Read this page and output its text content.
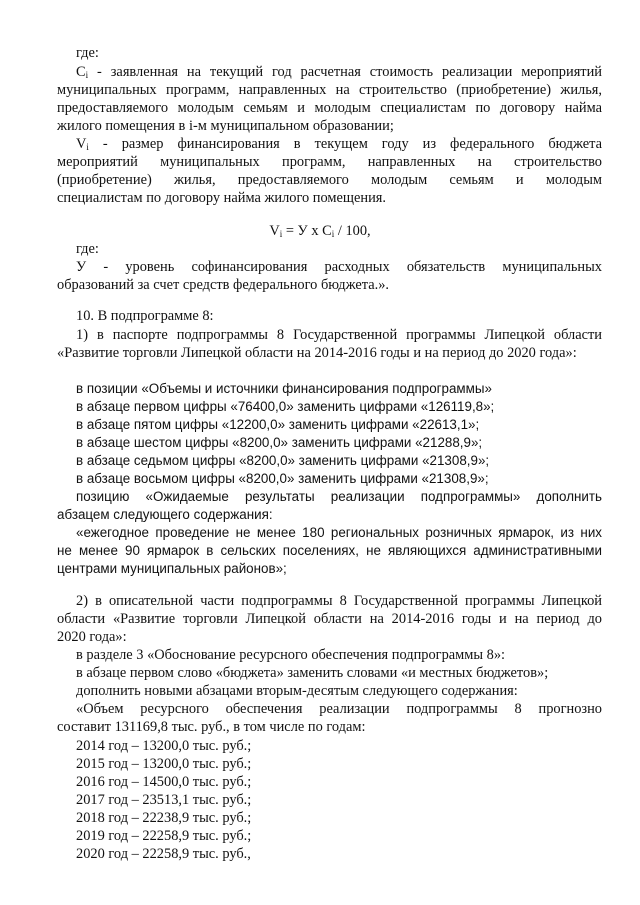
где:
$C_i$ - заявленная на текущий год расчетная стоимость реализации мероприятий
муниципальных программ, направленных на строительство (приобретение) жилья,
предоставляемого молодым семьям и молодым специалистам по договору найма
жилого помещения в i-м муниципальном образовании;
$V_i$ - размер финансирования в текущем году из федерального бюджета
мероприятий муниципальных программ, направленных на строительство
(приобретение) жилья, предоставляемого молодым семьям и молодым
специалистам по договору найма жилого помещения.
$V_i = У$ х $C_i / 100$,
где:
У - уровень софинансирования расходных обязательств муниципальных
образований за счет средств федерального бюджета.».
10. В подпрограмме 8:
1) в паспорте подпрограммы 8 Государственной программы Липецкой области
«Развитие торговли Липецкой области на 2014-2016 годы и на период до 2020 года»:
в позиции «Объемы и источники финансирования подпрограммы»
в абзаце первом цифры «76400,0» заменить цифрами «126119,8»;
в абзаце пятом цифры «12200,0» заменить цифрами «22613,1»;
в абзаце шестом цифры «8200,0» заменить цифрами «21288,9»;
в абзаце седьмом цифры «8200,0» заменить цифрами «21308,9»;
в абзаце восьмом цифры «8200,0» заменить цифрами «21308,9»;
позицию «Ожидаемые результаты реализации подпрограммы» дополнить
абзацем следующего содержания:
«ежегодное проведение не менее 180 региональных розничных ярмарок, из них
не менее 90 ярмарок в сельских поселениях, не являющихся административными
центрами муниципальных районов»;
2) в описательной части подпрограммы 8 Государственной программы Липецкой
области «Развитие торговли Липецкой области на 2014-2016 годы и на период до
2020 года»:
в разделе 3 «Обоснование ресурсного обеспечения подпрограммы 8»:
в абзаце первом слово «бюджета» заменить словами «и местных бюджетов»;
дополнить новыми абзацами вторым-десятым следующего содержания:
«Объем ресурсного обеспечения реализации подпрограммы 8 прогнозно
составит 131169,8 тыс. руб., в том числе по годам:
2014 год – 13200,0 тыс. руб.;
2015 год – 13200,0 тыс. руб.;
2016 год – 14500,0 тыс. руб.;
2017 год – 23513,1 тыс. руб.;
2018 год – 22238,9 тыс. руб.;
2019 год – 22258,9 тыс. руб.;
2020 год – 22258,9 тыс. руб.,
